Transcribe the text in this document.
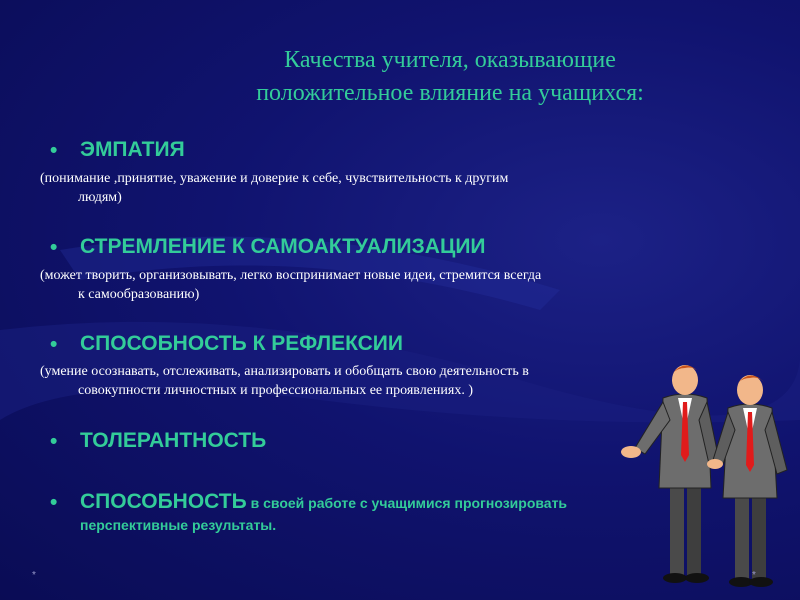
Качества учителя, оказывающие
положительное влияние на учащихся:
• ЭМПАТИЯ
(понимание ,принятие, уважение и доверие к себе, чувствительность к другим
людям)
• СТРЕМЛЕНИЕ К САМОАКТУАЛИЗАЦИИ
(может творить, организовывать, легко воспринимает новые идеи, стремится всегда
к самообразованию)
• СПОСОБНОСТЬ К РЕФЛЕКСИИ
(умение осознавать, отслеживать, анализировать и обобщать свою деятельность в
совокупности личностных и профессиональных ее проявлениях. )
• ТОЛЕРАНТНОСТЬ
• СПОСОБНОСТЬ в своей работе с учащимися прогнозировать
перспективные результаты.
*	*
